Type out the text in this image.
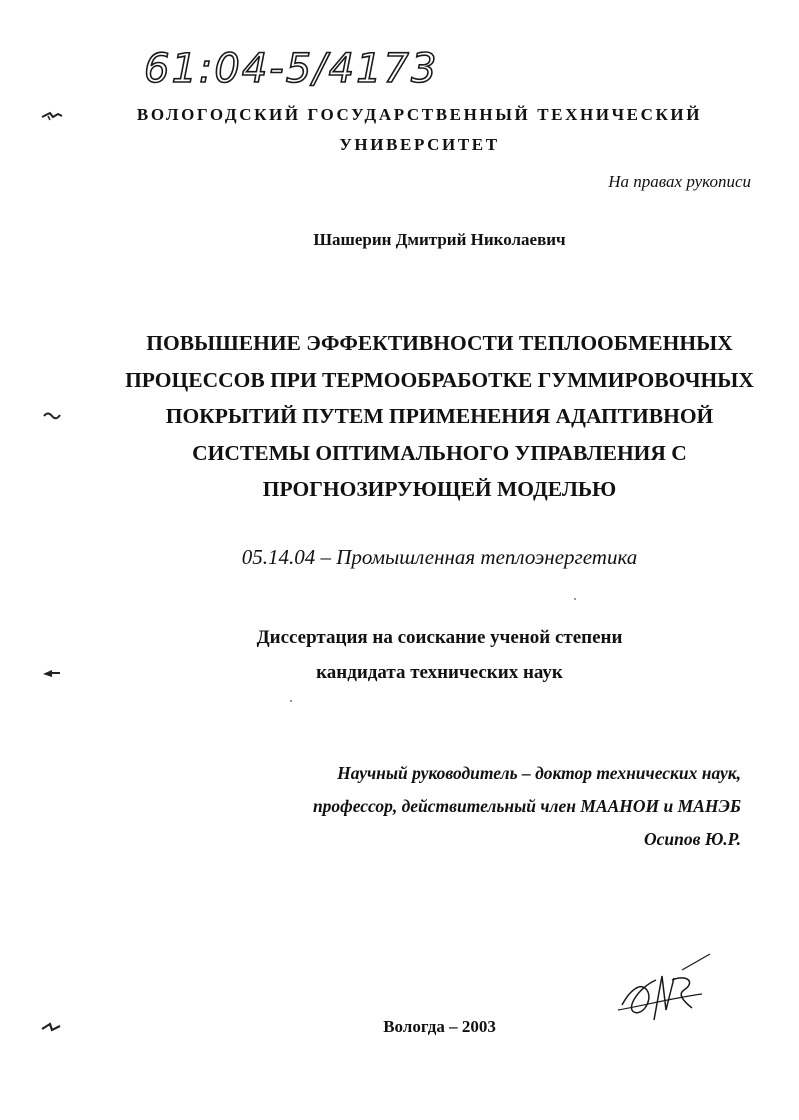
61:04-5/4173
ВОЛОГОДСКИЙ ГОСУДАРСТВЕННЫЙ ТЕХНИЧЕСКИЙ
УНИВЕРСИТЕТ
На правах рукописи
Шашерин Дмитрий Николаевич
ПОВЫШЕНИЕ ЭФФЕКТИВНОСТИ ТЕПЛООБМЕННЫХ
ПРОЦЕССОВ ПРИ ТЕРМООБРАБОТКЕ ГУММИРОВОЧНЫХ
ПОКРЫТИЙ ПУТЕМ ПРИМЕНЕНИЯ АДАПТИВНОЙ
СИСТЕМЫ ОПТИМАЛЬНОГО УПРАВЛЕНИЯ С
ПРОГНОЗИРУЮЩЕЙ МОДЕЛЬЮ
05.14.04 – Промышленная теплоэнергетика
Диссертация на соискание ученой степени
кандидата технических наук
Научный руководитель – доктор технических наук,
профессор, действительный член МААНОИ и МАНЭБ
Осипов Ю.Р.
Вологда – 2003
